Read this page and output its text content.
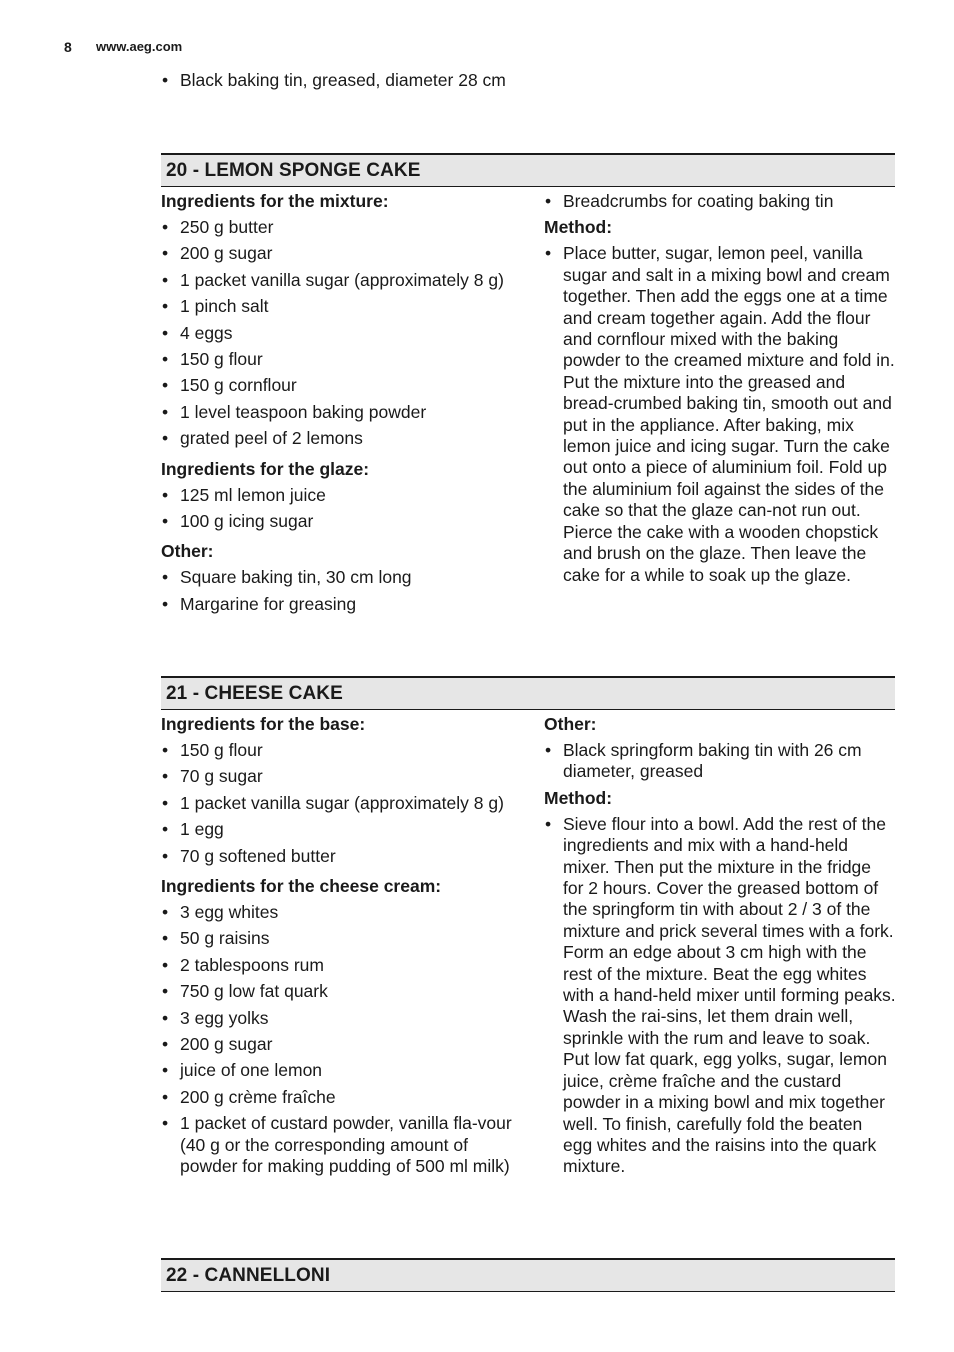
8 www.aeg.com
• Black baking tin, greased, diameter 28 cm
20 - LEMON SPONGE CAKE
Ingredients for the mixture:
• 250 g butter
• 200 g sugar
• 1 packet vanilla sugar (approximately 8 g)
• 1 pinch salt
• 4 eggs
• 150 g flour
• 150 g cornflour
• 1 level teaspoon baking powder
• grated peel of 2 lemons
Ingredients for the glaze:
• 125 ml lemon juice
• 100 g icing sugar
Other:
• Square baking tin, 30 cm long
• Margarine for greasing
• Breadcrumbs for coating baking tin
Method:
• Place butter, sugar, lemon peel, vanilla sugar and salt in a mixing bowl and cream together. Then add the eggs one at a time and cream together again. Add the flour and cornflour mixed with the baking powder to the creamed mixture and fold in. Put the mixture into the greased and bread-crumbed baking tin, smooth out and put in the appliance. After baking, mix lemon juice and icing sugar. Turn the cake out onto a piece of aluminium foil. Fold up the aluminium foil against the sides of the cake so that the glaze can-not run out. Pierce the cake with a wooden chopstick and brush on the glaze. Then leave the cake for a while to soak up the glaze.
21 - CHEESE CAKE
Ingredients for the base:
• 150 g flour
• 70 g sugar
• 1 packet vanilla sugar (approximately 8 g)
• 1 egg
• 70 g softened butter
Ingredients for the cheese cream:
• 3 egg whites
• 50 g raisins
• 2 tablespoons rum
• 750 g low fat quark
• 3 egg yolks
• 200 g sugar
• juice of one lemon
• 200 g crème fraîche
• 1 packet of custard powder, vanilla fla-vour (40 g or the corresponding amount of powder for making pudding of 500 ml milk)
Other:
• Black springform baking tin with 26 cm diameter, greased
Method:
• Sieve flour into a bowl. Add the rest of the ingredients and mix with a hand-held mixer. Then put the mixture in the fridge for 2 hours. Cover the greased bottom of the springform tin with about 2 / 3 of the mixture and prick several times with a fork. Form an edge about 3 cm high with the rest of the mixture. Beat the egg whites with a hand-held mixer until forming peaks. Wash the rai-sins, let them drain well, sprinkle with the rum and leave to soak. Put low fat quark, egg yolks, sugar, lemon juice, crème fraîche and the custard powder in a mixing bowl and mix together well. To finish, carefully fold the beaten egg whites and the raisins into the quark mixture.
22 - CANNELLONI
